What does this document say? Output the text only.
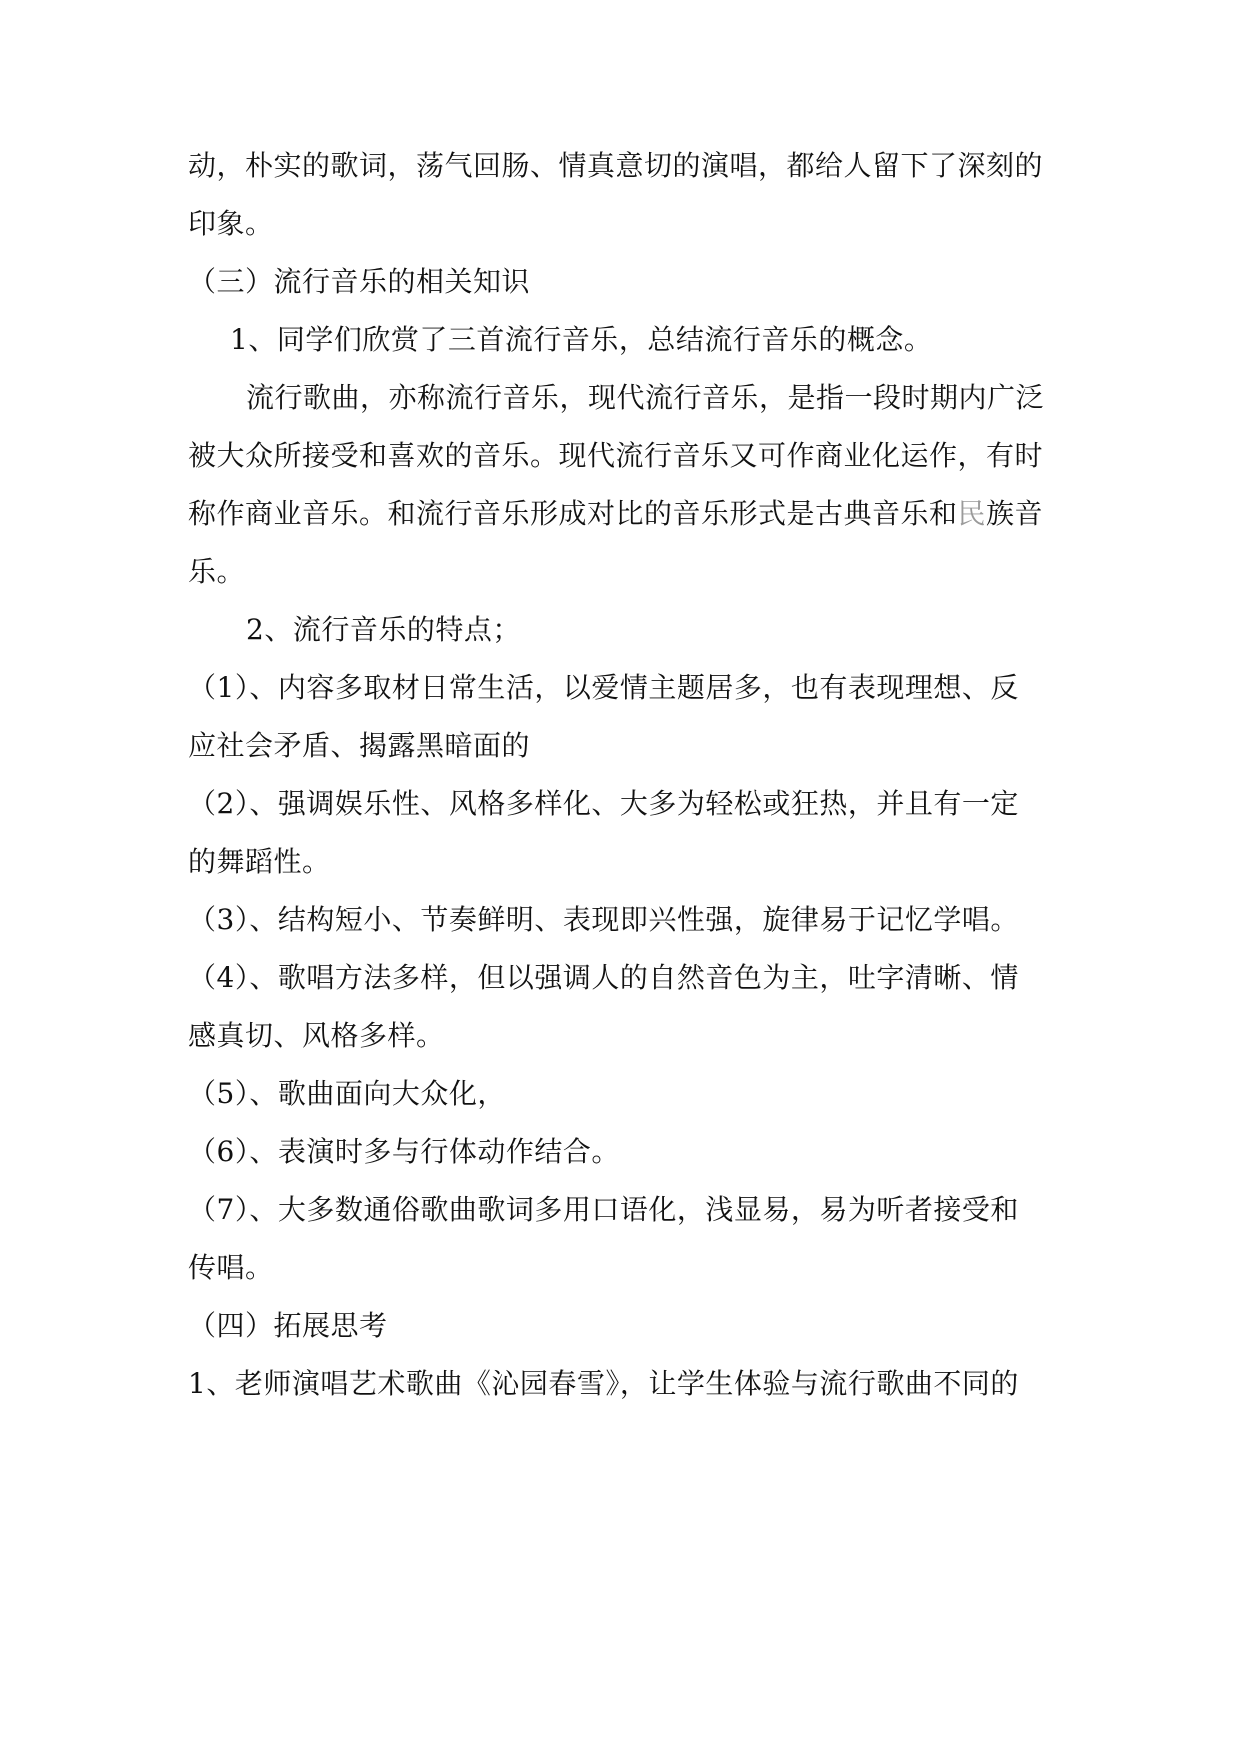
动，朴实的歌词，荡气回肠、情真意切的演唱，都给人留下了深刻的
印象。
（三）流行音乐的相关知识
1、同学们欣赏了三首流行音乐，总结流行音乐的概念。
流行歌曲，亦称流行音乐，现代流行音乐，是指一段时期内广泛
被大众所接受和喜欢的音乐。现代流行音乐又可作商业化运作，有时
称作商业音乐。和流行音乐形成对比的音乐形式是古典音乐和民族音
乐。
2、流行音乐的特点；
（1）、内容多取材日常生活，以爱情主题居多，也有表现理想、反
应社会矛盾、揭露黑暗面的
（2）、强调娱乐性、风格多样化、大多为轻松或狂热，并且有一定
的舞蹈性。
（3）、结构短小、节奏鲜明、表现即兴性强，旋律易于记忆学唱。
（4）、歌唱方法多样，但以强调人的自然音色为主，吐字清晰、情
感真切、风格多样。
（5）、歌曲面向大众化，
（6）、表演时多与行体动作结合。
（7）、大多数通俗歌曲歌词多用口语化，浅显易，易为听者接受和
传唱。
（四）拓展思考
1、老师演唱艺术歌曲《沁园春雪》，让学生体验与流行歌曲不同的
